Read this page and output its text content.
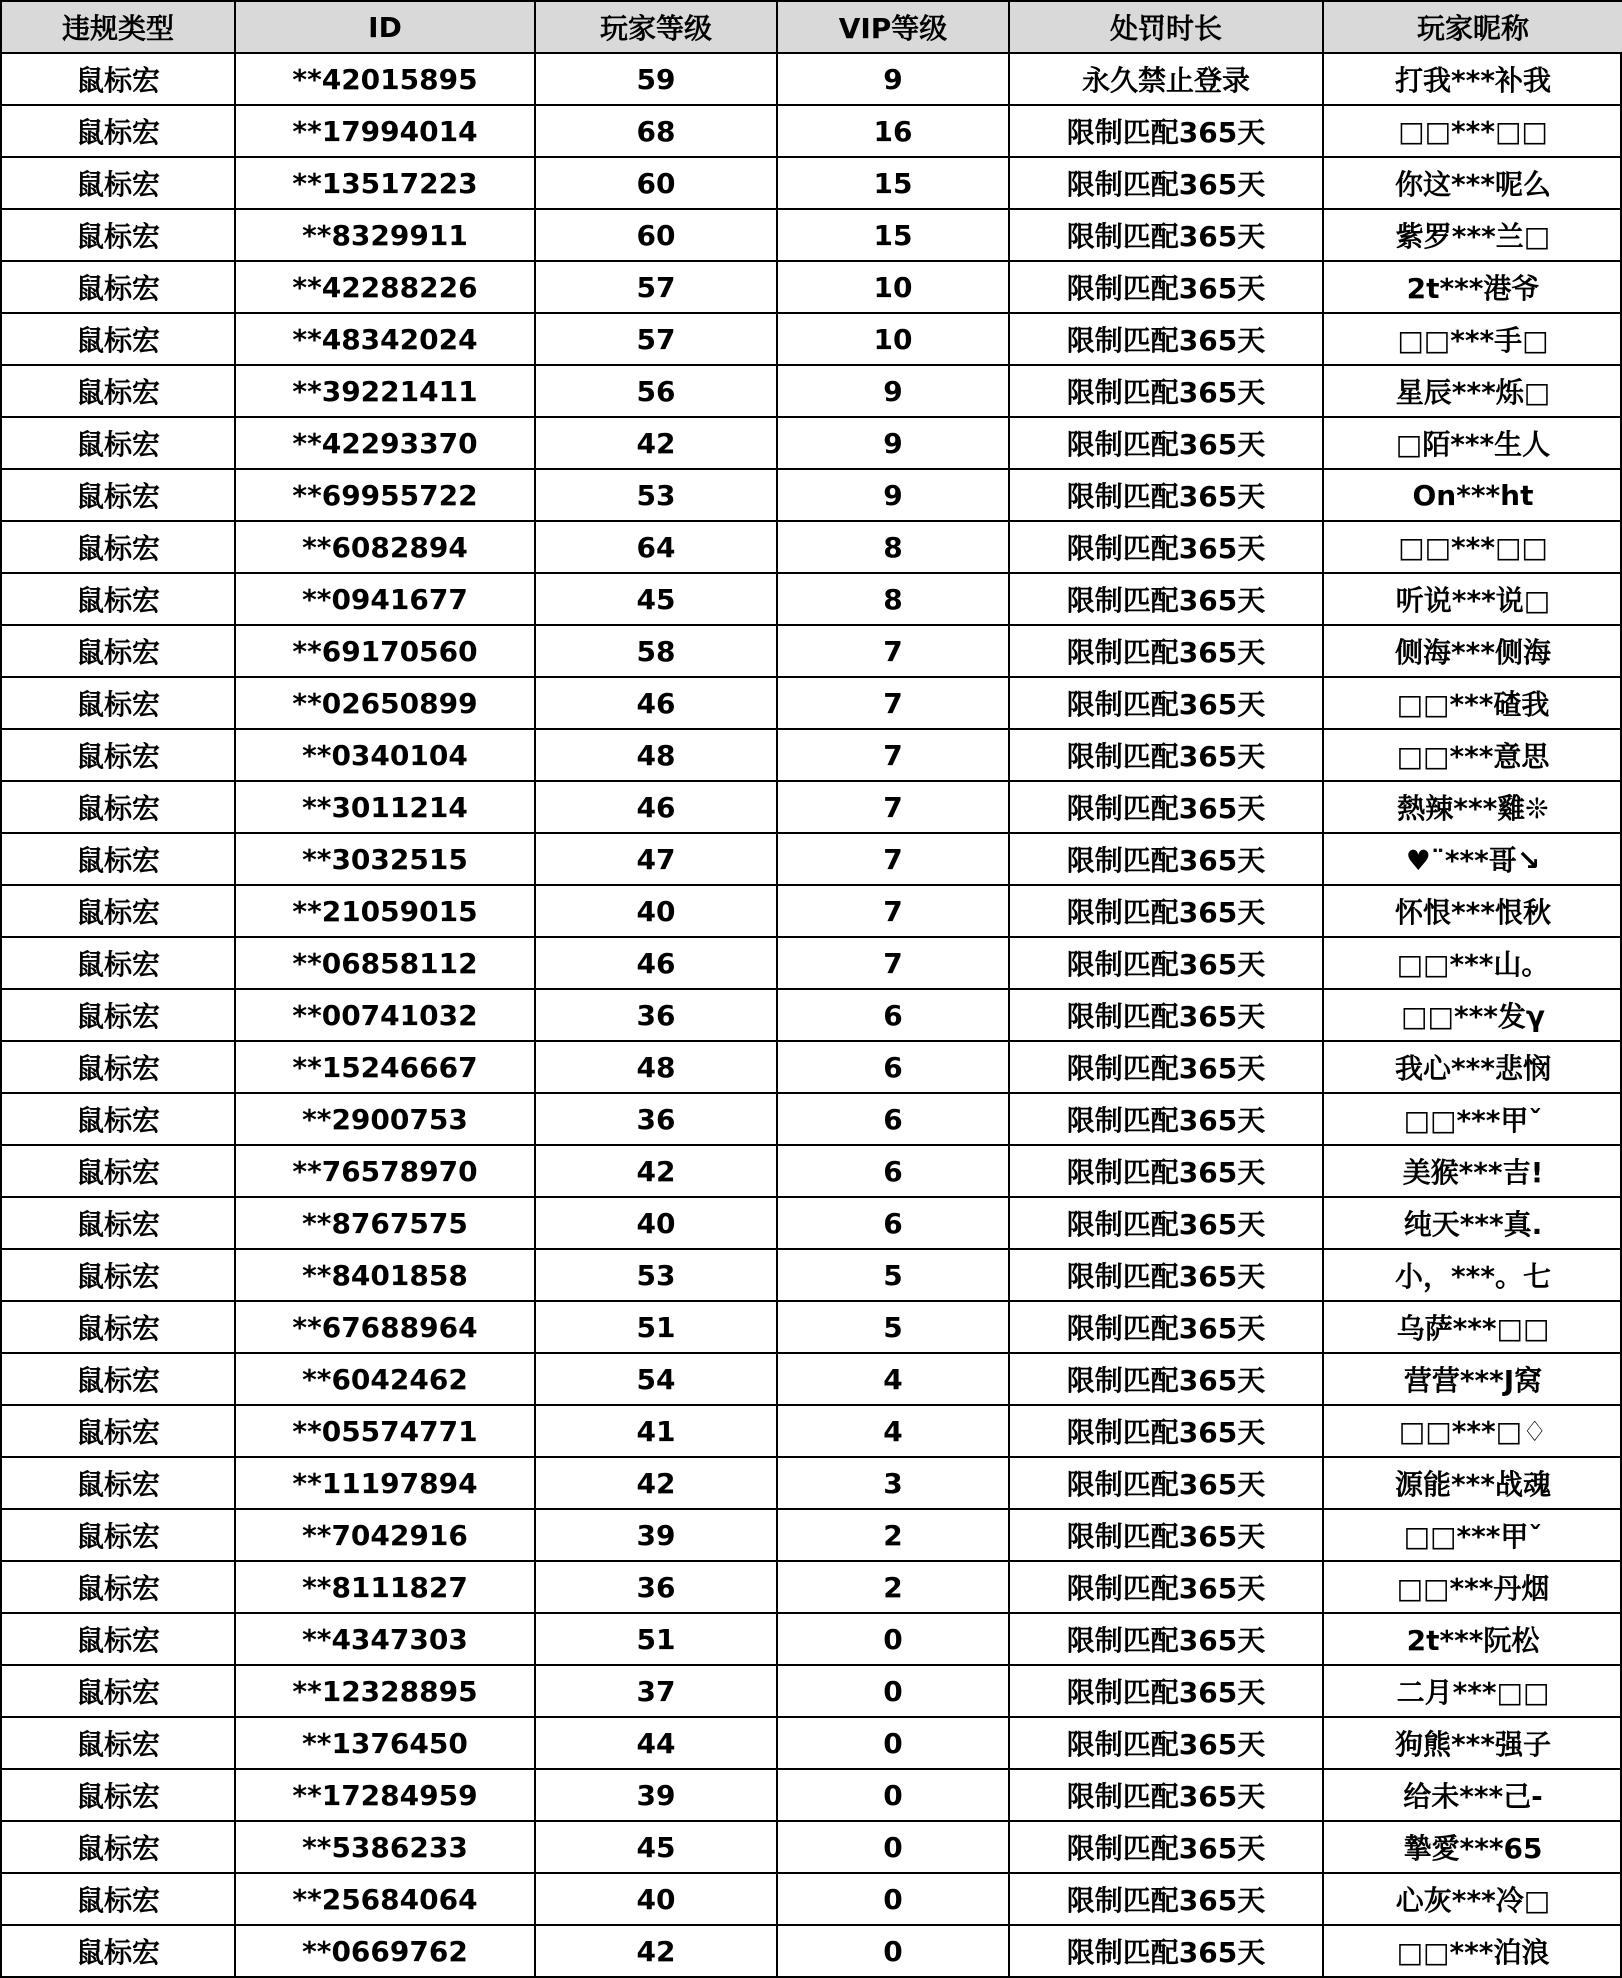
违规类型	ID	玩家等级	VIP等级	处罚时长	玩家昵称
鼠标宏	**42015895	59	9	永久禁止登录	打我***补我
鼠标宏	**17994014	68	16	限制匹配365天	□□***□□
鼠标宏	**13517223	60	15	限制匹配365天	你这***呢么
鼠标宏	**8329911	60	15	限制匹配365天	紫罗***兰□
鼠标宏	**42288226	57	10	限制匹配365天	2t***港爷
鼠标宏	**48342024	57	10	限制匹配365天	□□***手□
鼠标宏	**39221411	56	9	限制匹配365天	星辰***烁□
鼠标宏	**42293370	42	9	限制匹配365天	□陌***生人
鼠标宏	**69955722	53	9	限制匹配365天	On***ht
鼠标宏	**6082894	64	8	限制匹配365天	□□***□□
鼠标宏	**0941677	45	8	限制匹配365天	听说***说□
鼠标宏	**69170560	58	7	限制匹配365天	侧海***侧海
鼠标宏	**02650899	46	7	限制匹配365天	□□***碴我
鼠标宏	**0340104	48	7	限制匹配365天	□□***意思
鼠标宏	**3011214	46	7	限制匹配365天	熱辣***雞❊
鼠标宏	**3032515	47	7	限制匹配365天	♥¨***哥↘
鼠标宏	**21059015	40	7	限制匹配365天	怀恨***恨秋
鼠标宏	**06858112	46	7	限制匹配365天	□□***山。
鼠标宏	**00741032	36	6	限制匹配365天	□□***发γ
鼠标宏	**15246667	48	6	限制匹配365天	我心***悲悯
鼠标宏	**2900753	36	6	限制匹配365天	□□***甲ˇ
鼠标宏	**76578970	42	6	限制匹配365天	美猴***吉!
鼠标宏	**8767575	40	6	限制匹配365天	纯天***真.
鼠标宏	**8401858	53	5	限制匹配365天	小，***。七
鼠标宏	**67688964	51	5	限制匹配365天	乌萨***□□
鼠标宏	**6042462	54	4	限制匹配365天	营营***J窝
鼠标宏	**05574771	41	4	限制匹配365天	□□***□♢
鼠标宏	**11197894	42	3	限制匹配365天	源能***战魂
鼠标宏	**7042916	39	2	限制匹配365天	□□***甲ˇ
鼠标宏	**8111827	36	2	限制匹配365天	□□***丹烟
鼠标宏	**4347303	51	0	限制匹配365天	2t***阮松
鼠标宏	**12328895	37	0	限制匹配365天	二月***□□
鼠标宏	**1376450	44	0	限制匹配365天	狗熊***强子
鼠标宏	**17284959	39	0	限制匹配365天	给未***己-
鼠标宏	**5386233	45	0	限制匹配365天	摯愛***65
鼠标宏	**25684064	40	0	限制匹配365天	心灰***冷□
鼠标宏	**0669762	42	0	限制匹配365天	□□***泊浪
